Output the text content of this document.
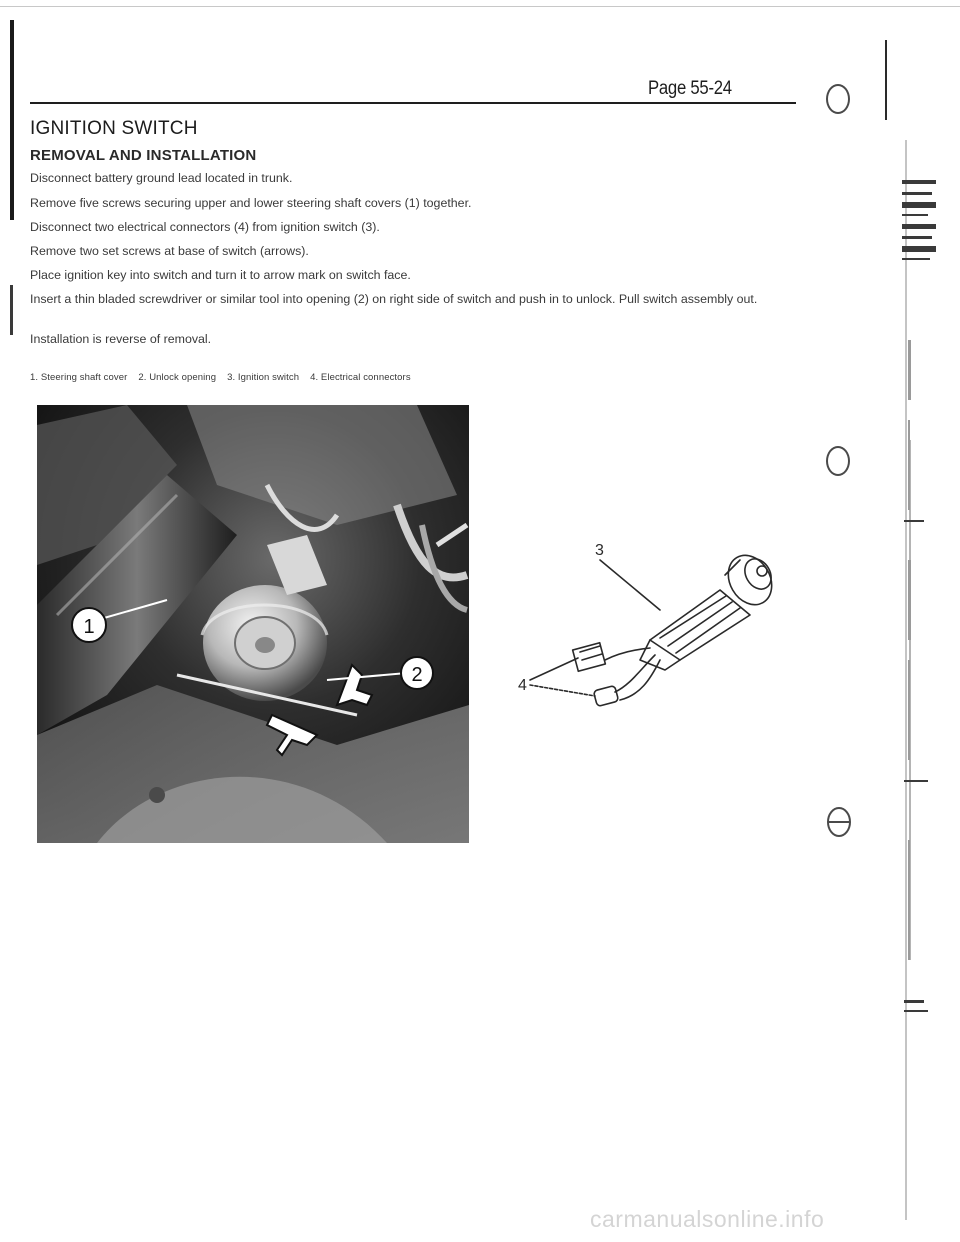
Page 55-24
IGNITION SWITCH
REMOVAL AND INSTALLATION
Disconnect battery ground lead located in trunk.
Remove five screws securing upper and lower steering shaft covers (1) together.
Disconnect two electrical connectors (4) from ignition switch (3).
Remove two set screws at base of switch (arrows).
Place ignition key into switch and turn it to arrow mark on switch face.
Insert a thin bladed screwdriver or similar tool into opening (2) on right side of switch and push in to unlock. Pull switch assembly out.
Installation is reverse of removal.
1. Steering shaft cover 2. Unlock opening 3. Ignition switch 4. Electrical connectors
1
2
3
4
carmanualsonline.info
